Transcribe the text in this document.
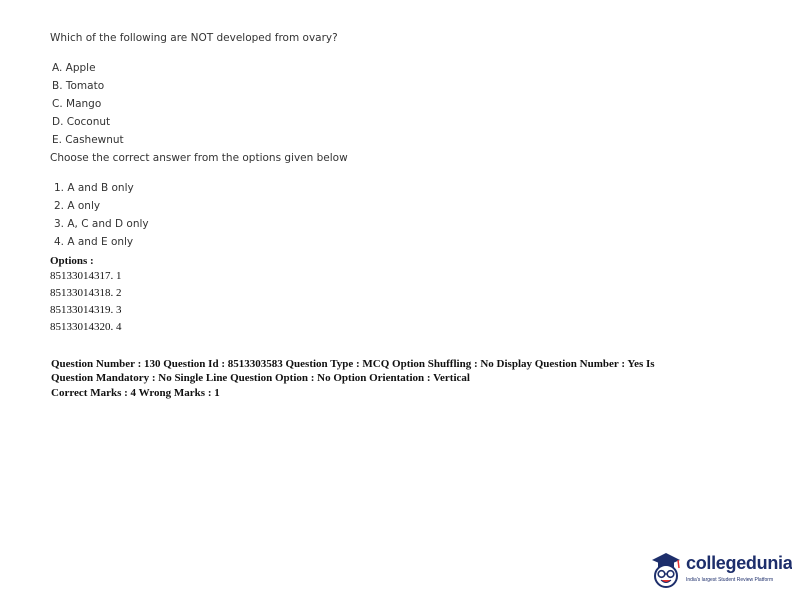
Which of the following are NOT developed from ovary?
A. Apple
B. Tomato
C. Mango
D. Coconut
E. Cashewnut
Choose the correct answer from the options given below
1. A and B only
2. A only
3. A, C and D only
4. A and E only
Options :
85133014317. 1
85133014318. 2
85133014319. 3
85133014320. 4
Question Number : 130 Question Id : 8513303583 Question Type : MCQ Option Shuffling : No Display Question Number : Yes Is
Question Mandatory : No Single Line Question Option : No Option Orientation : Vertical
Correct Marks : 4 Wrong Marks : 1
collegedunia
India's largest Student Review Platform
